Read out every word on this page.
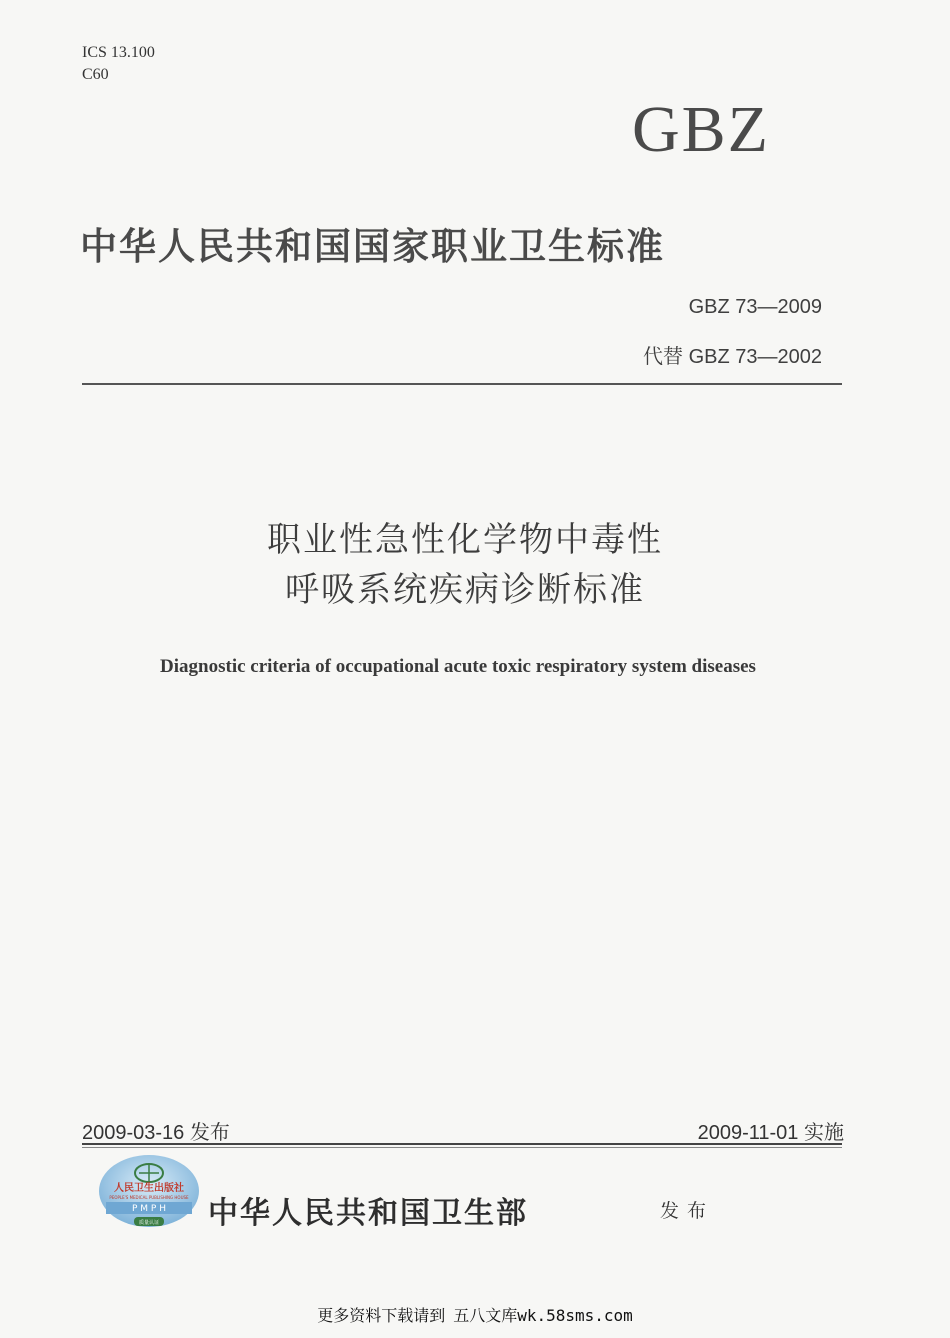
ICS 13.100
C60
GBZ
中华人民共和国国家职业卫生标准
GBZ 73—2009
代替 GBZ 73—2002
职业性急性化学物中毒性
呼吸系统疾病诊断标准
Diagnostic criteria of occupational acute toxic respiratory system diseases
2009-03-16 发布	2009-11-01 实施
人民卫生出版社
PEOPLE'S MEDICAL PUBLISHING HOUSE
P M P H
质量认证 中华人民共和国卫生部	发布
更多资料下载请到 五八文库wk.58sms.com
